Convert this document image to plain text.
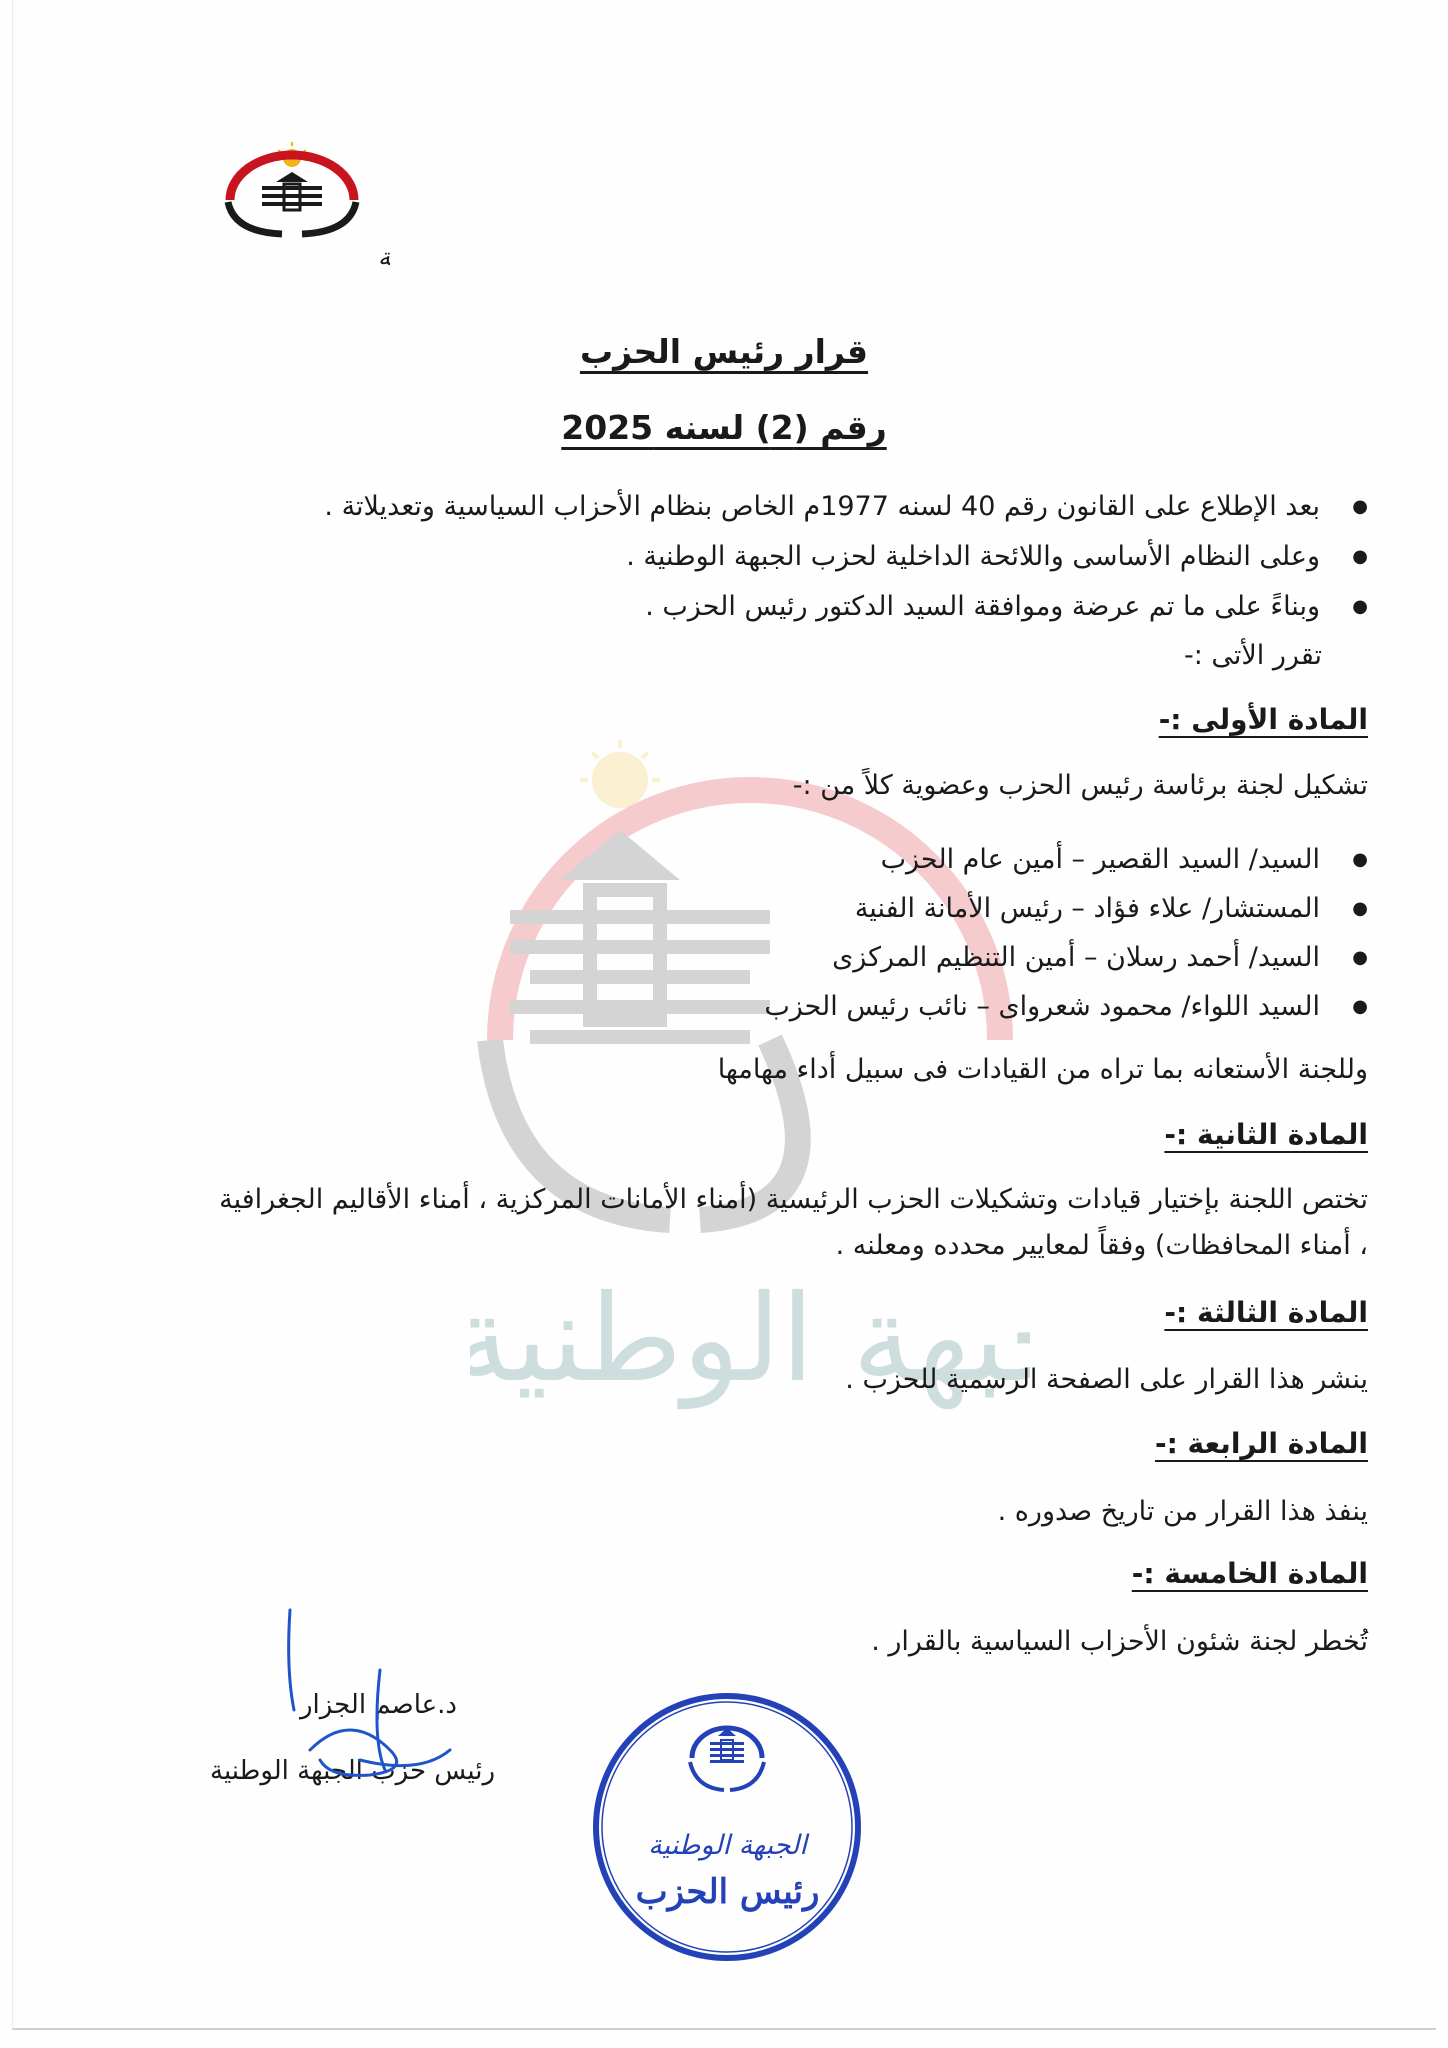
بهة الوطنية
ة
قرار رئيس الحزب
رقم (2) لسنه 2025
● بعد الإطلاع على القانون رقم 40 لسنه 1977م الخاص بنظام الأحزاب السياسية وتعديلاتة .
● وعلى النظام الأساسى واللائحة الداخلية لحزب الجبهة الوطنية .
● وبناءً على ما تم عرضة وموافقة السيد الدكتور رئيس الحزب .
تقرر الأتى :-
المادة الأولى :-
تشكيل لجنة برئاسة رئيس الحزب وعضوية كلاً من :-
● السيد/ السيد القصير – أمين عام الحزب
● المستشار/ علاء فؤاد – رئيس الأمانة الفنية
● السيد/ أحمد رسلان – أمين التنظيم المركزى
● السيد اللواء/ محمود شعرواى – نائب رئيس الحزب
وللجنة الأستعانه بما تراه من القيادات فى سبيل أداء مهامها
المادة الثانية :-
تختص اللجنة بإختيار قيادات وتشكيلات الحزب الرئيسية (أمناء الأمانات المركزية ، أمناء الأقاليم الجغرافية
، أمناء المحافظات) وفقاً لمعايير محدده ومعلنه .
المادة الثالثة :-
ينشر هذا القرار على الصفحة الرسمية للحزب .
المادة الرابعة :-
ينفذ هذا القرار من تاريخ صدوره .
المادة الخامسة :-
تُخطر لجنة شئون الأحزاب السياسية بالقرار .
د.عاصم الجزار
رئيس حزب الجبهة الوطنية
الجبهة الوطنية
رئيس الحزب
